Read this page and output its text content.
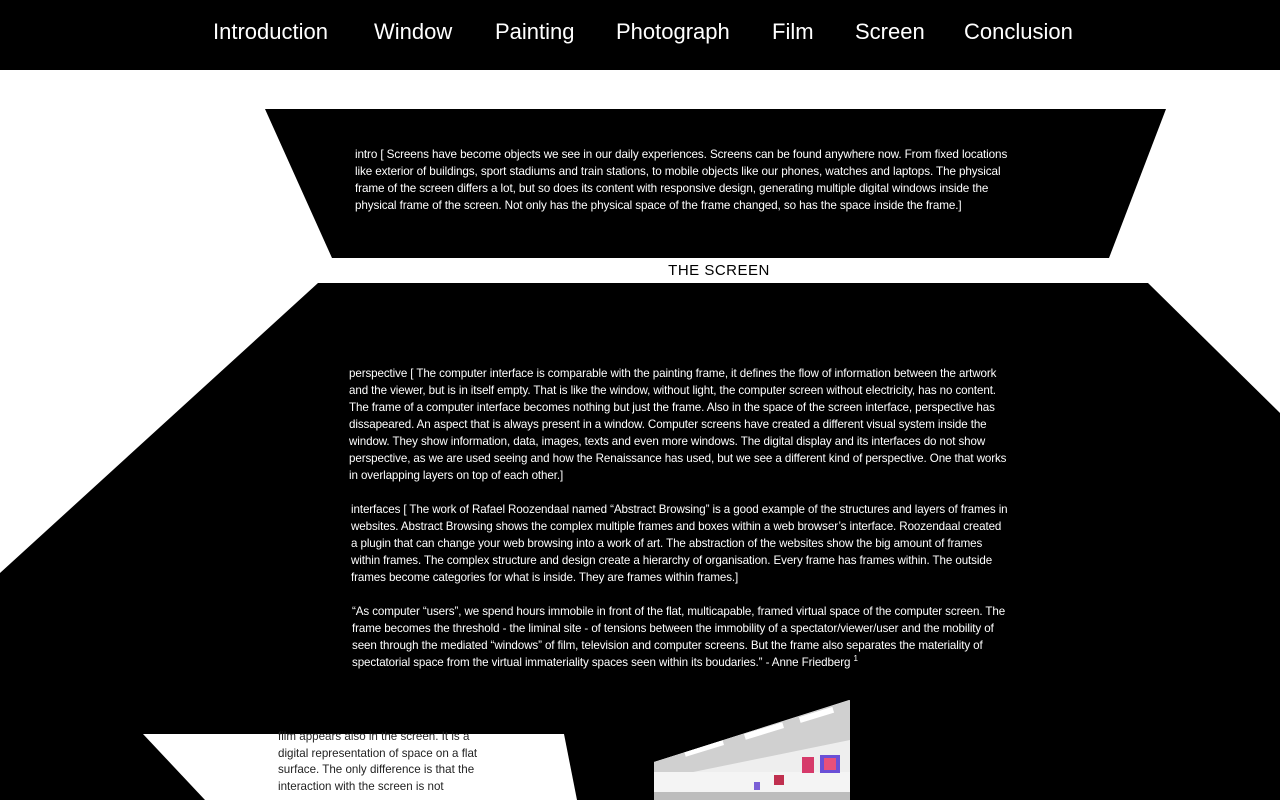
Introduction Window Painting Photograph Film Screen Conclusion
intro [ Screens have become objects we see in our daily experiences. Screens can be found anywhere now. From fixed locations like exterior of buildings, sport stadiums and train stations, to mobile objects like our phones, watches and laptops. The physical frame of the screen differs a lot, but so does its content with responsive design, generating multiple digital windows inside the physical frame of the screen. Not only has the physical space of the frame changed, so has the space inside the frame.]
THE SCREEN

perspective [ The computer interface is comparable with the painting frame, it defines the flow of information between the artwork and the viewer, but is in itself empty. That is like the window, without light, the computer screen without electricity, has no content. The frame of a computer interface becomes nothing but just the frame. Also in the space of the screen interface, perspective has dissapeared. An aspect that is always present in a window. Computer screens have created a different visual system inside the window. They show information, data, images, texts and even more windows. The digital display and its interfaces do not show perspective, as we are used seeing and how the Renaissance has used, but we see a different kind of perspective. One that works in overlapping layers on top of each other.]

interfaces [ The work of Rafael Roozendaal named “Abstract Browsing” is a good example of the structures and layers of frames in websites. Abstract Browsing shows the complex multiple frames and boxes within a web browser’s interface. Roozendaal created a plugin that can change your web browsing into a work of art. The abstraction of the websites show the big amount of frames within frames. The complex structure and design create a hierarchy of organisation. Every frame has frames within. The outside frames become categories for what is inside. They are frames within frames.]

“As computer “users”, we spend hours immobile in front of the flat, multicapable, framed virtual space of the computer screen. The frame becomes the threshold - the liminal site - of tensions between the immobility of a spectator/viewer/user and the mobility of seen through the mediated “windows” of film, television and computer screens. But the frame also separates the materiality of spectatorial space from the virtual immateriality spaces seen within its boudaries.” - Anne Friedberg $^1$

film appears also in the screen. It is a digital representation of space on a flat surface. The only difference is that the interaction with the screen is not
